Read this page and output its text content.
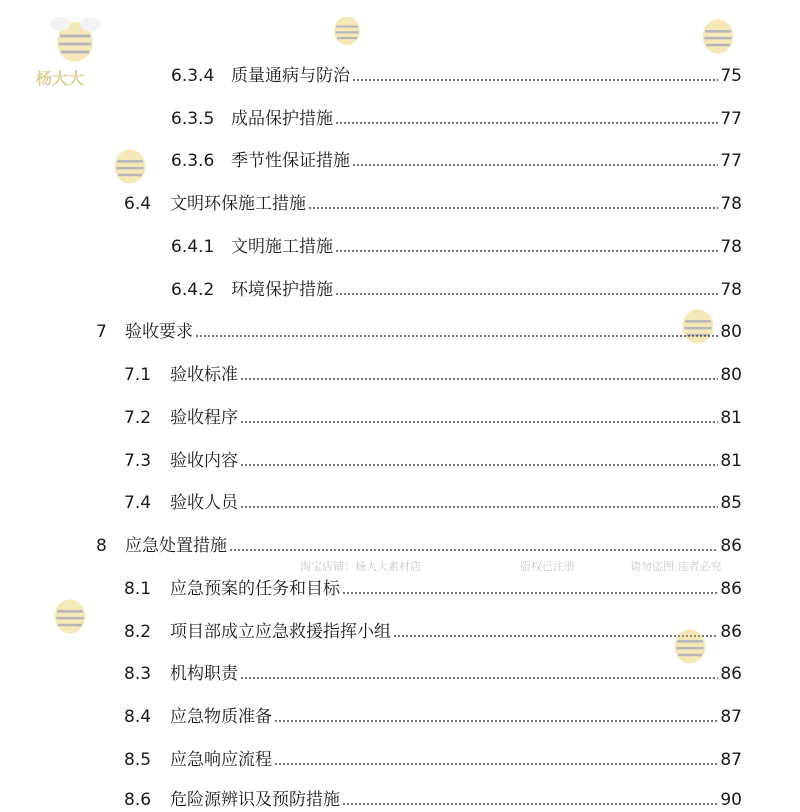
6.3.4 质量通病与防治	75
6.3.5 成品保护措施	77
6.3.6 季节性保证措施	77
6.4	文明环保施工措施	78
6.4.1 文明施工措施	78
6.4.2 环境保护措施	78
7	验收要求	80
7.1	验收标准	80
7.2	验收程序	81
7.3	验收内容	81
7.4	验收人员	85
8	应急处置措施	86
8.1	应急预案的任务和目标	86
8.2	项目部成立应急救援指挥小组	86
8.3	机构职责	86
8.4	应急物质准备	87
8.5	应急响应流程	87
8.6	危险源辨识及预防措施	90
杨大大
淘宝店铺：杨大大素材店	版权已注册	请勿盗图 违者必究
